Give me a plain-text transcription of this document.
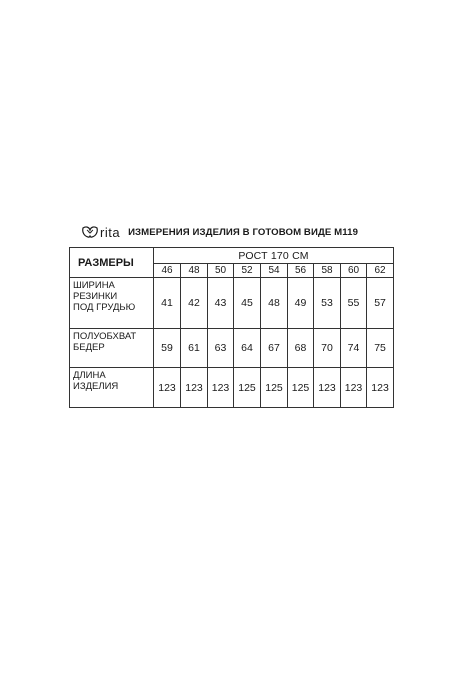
rita ИЗМЕРЕНИЯ ИЗДЕЛИЯ В ГОТОВОМ ВИДЕ М119
РАЗМЕРЫ	РОСТ 170 СМ								
	46	48	50	52	54	56	58	60	62

ШИРИНА
РЕЗИНКИ
ПОД ГРУДЬЮ	41	42	43	45	48	49	53	55	57

ПОЛУОБХВАТ
БЕДЕР	59	61	63	64	67	68	70	74	75

ДЛИНА
ИЗДЕЛИЯ	123	123	123	125	125	125	123	123	123
